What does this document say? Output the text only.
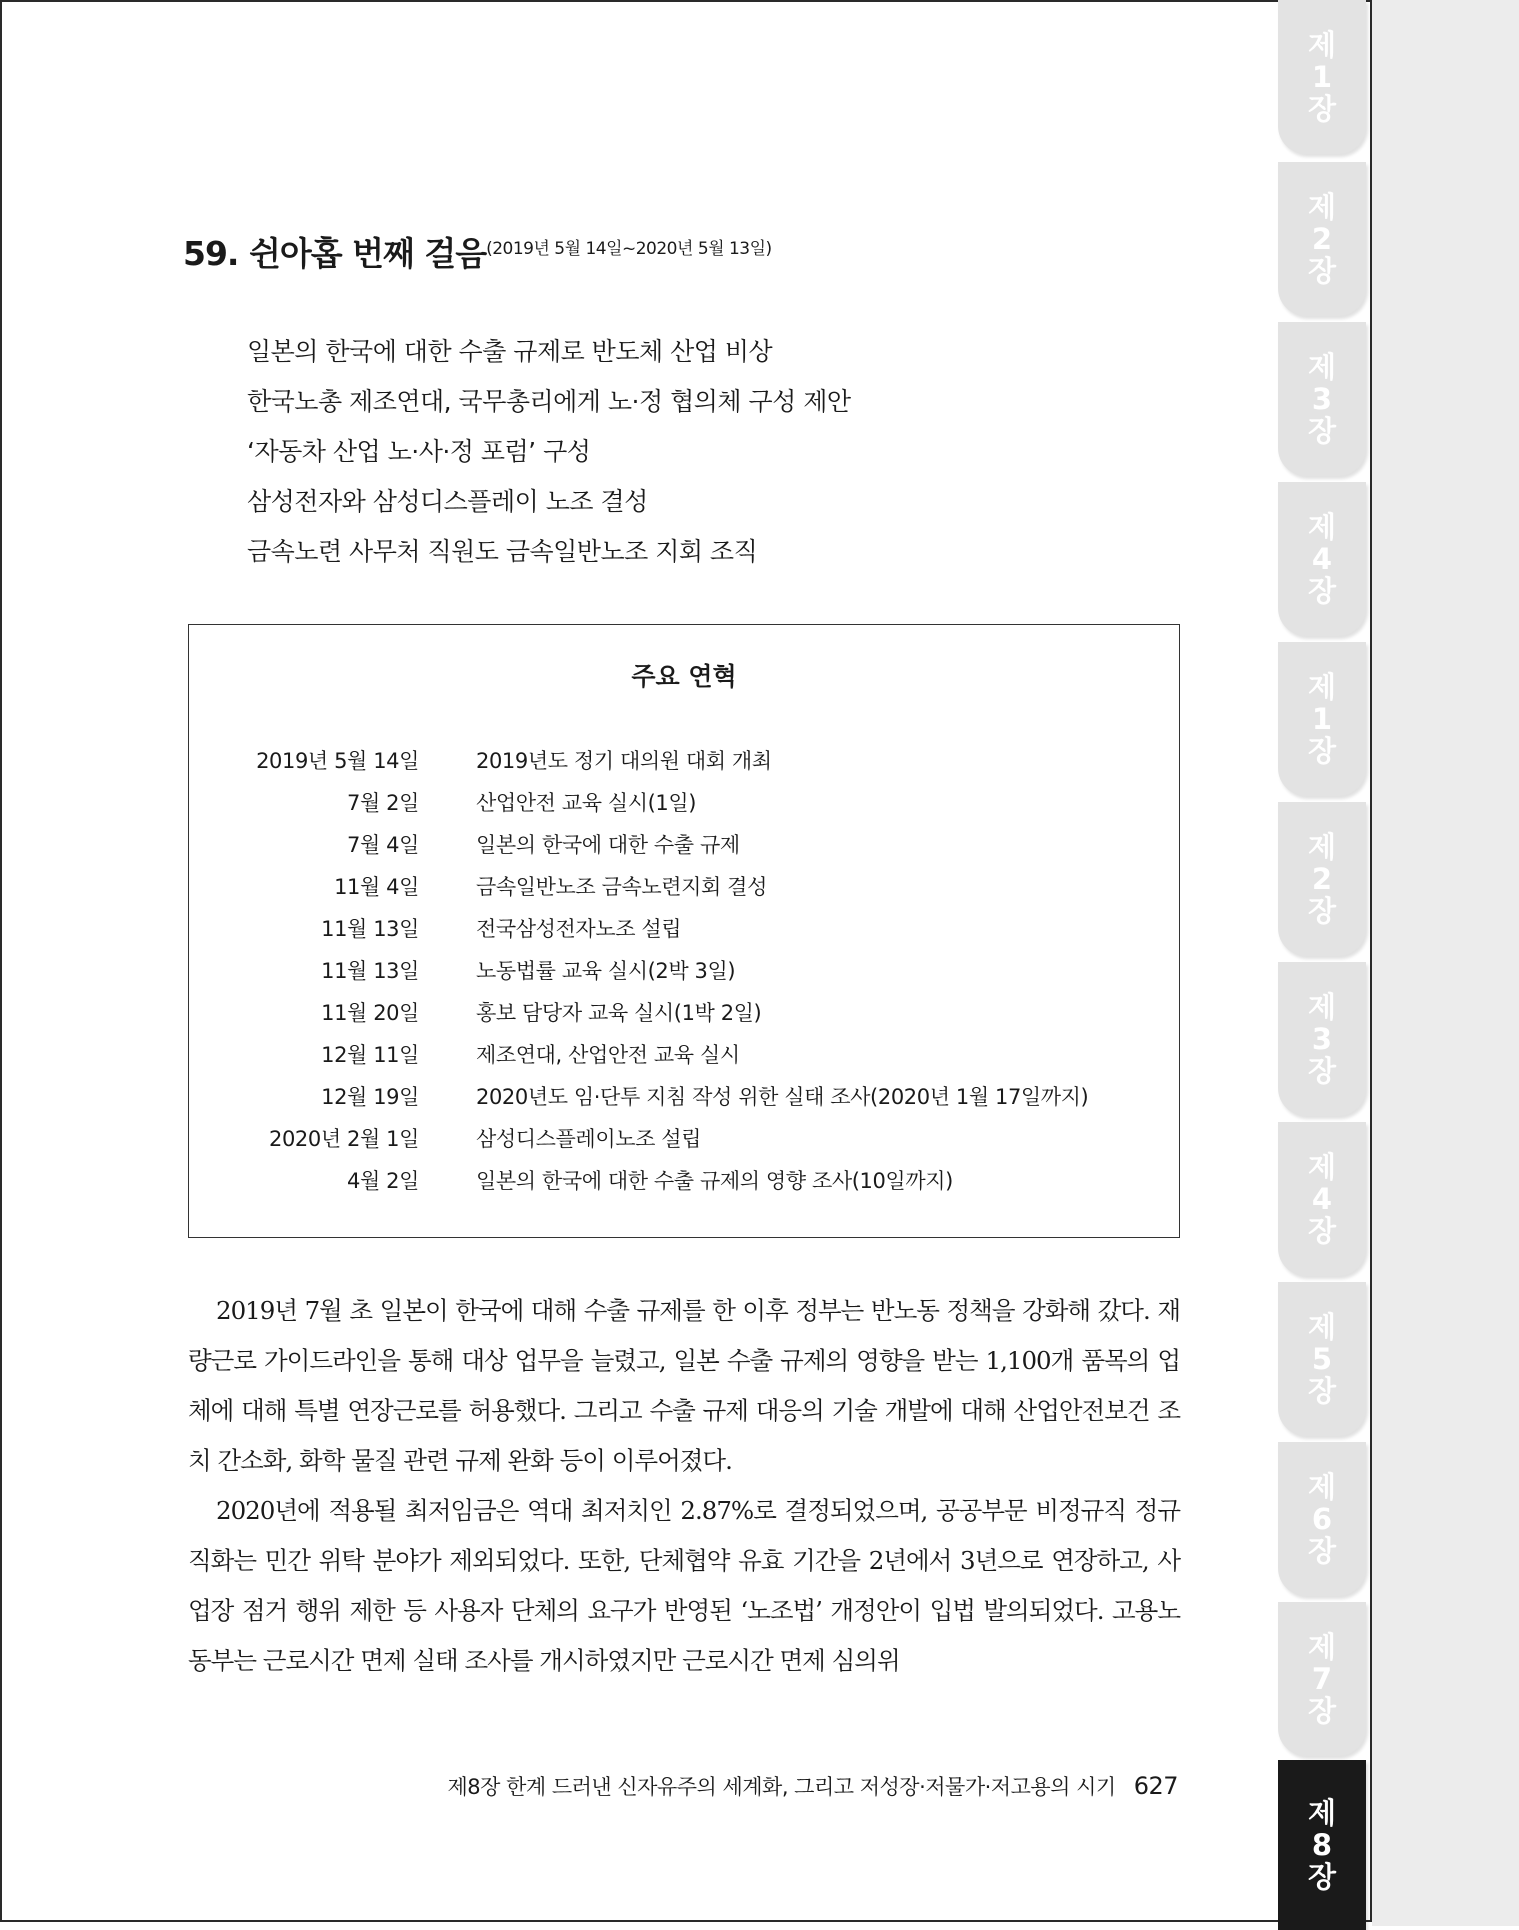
59. 쉰아홉 번째 걸음$^{(2019년 5월 14일\sim 2020년 5월 13일)}$
일본의 한국에 대한 수출 규제로 반도체 산업 비상
한국노총 제조연대, 국무총리에게 노·정 협의체 구성 제안
‘자동차 산업 노·사·정 포럼’ 구성
삼성전자와 삼성디스플레이 노조 결성
금속노련 사무처 직원도 금속일반노조 지회 조직
주요 연혁
2019년 5월 14일	2019년도 정기 대의원 대회 개최
7월 2일	산업안전 교육 실시(1일)
7월 4일	일본의 한국에 대한 수출 규제
11월 4일	금속일반노조 금속노련지회 결성
11월 13일	전국삼성전자노조 설립
11월 13일	노동법률 교육 실시(2박 3일)
11월 20일	홍보 담당자 교육 실시(1박 2일)
12월 11일	제조연대, 산업안전 교육 실시
12월 19일	2020년도 임·단투 지침 작성 위한 실태 조사(2020년 1월 17일까지)
2020년 2월 1일	삼성디스플레이노조 설립
4월 2일	일본의 한국에 대한 수출 규제의 영향 조사(10일까지)

2019년 7월 초 일본이 한국에 대해 수출 규제를 한 이후 정부는 반노동 정책을 강화해 갔다. 재량근로 가이드라인을 통해 대상 업무을 늘렸고, 일본 수출 규제의 영향을 받는 1,100개 품목의 업체에 대해 특별 연장근로를 허용했다. 그리고 수출 규제 대응의 기술 개발에 대해 산업안전보건 조치 간소화, 화학 물질 관련 규제 완화 등이 이루어졌다.

2020년에 적용될 최저임금은 역대 최저치인 2.87%로 결정되었으며, 공공부문 비정규직 정규직화는 민간 위탁 분야가 제외되었다. 또한, 단체협약 유효 기간을 2년에서 3년으로 연장하고, 사업장 점거 행위 제한 등 사용자 단체의 요구가 반영된 ‘노조법’ 개정안이 입법 발의되었다. 고용노동부는 근로시간 면제 실태 조사를 개시하였지만 근로시간 면제 심의위

제8장 한계 드러낸 신자유주의 세계화, 그리고 저성장·저물가·저고용의 시기 627
제
1
장
제
2
장
제
3
장
제
4
장
제
1
장
제
2
장
제
3
장
제
4
장
제
5
장
제
6
장
제
7
장
제
8
장
